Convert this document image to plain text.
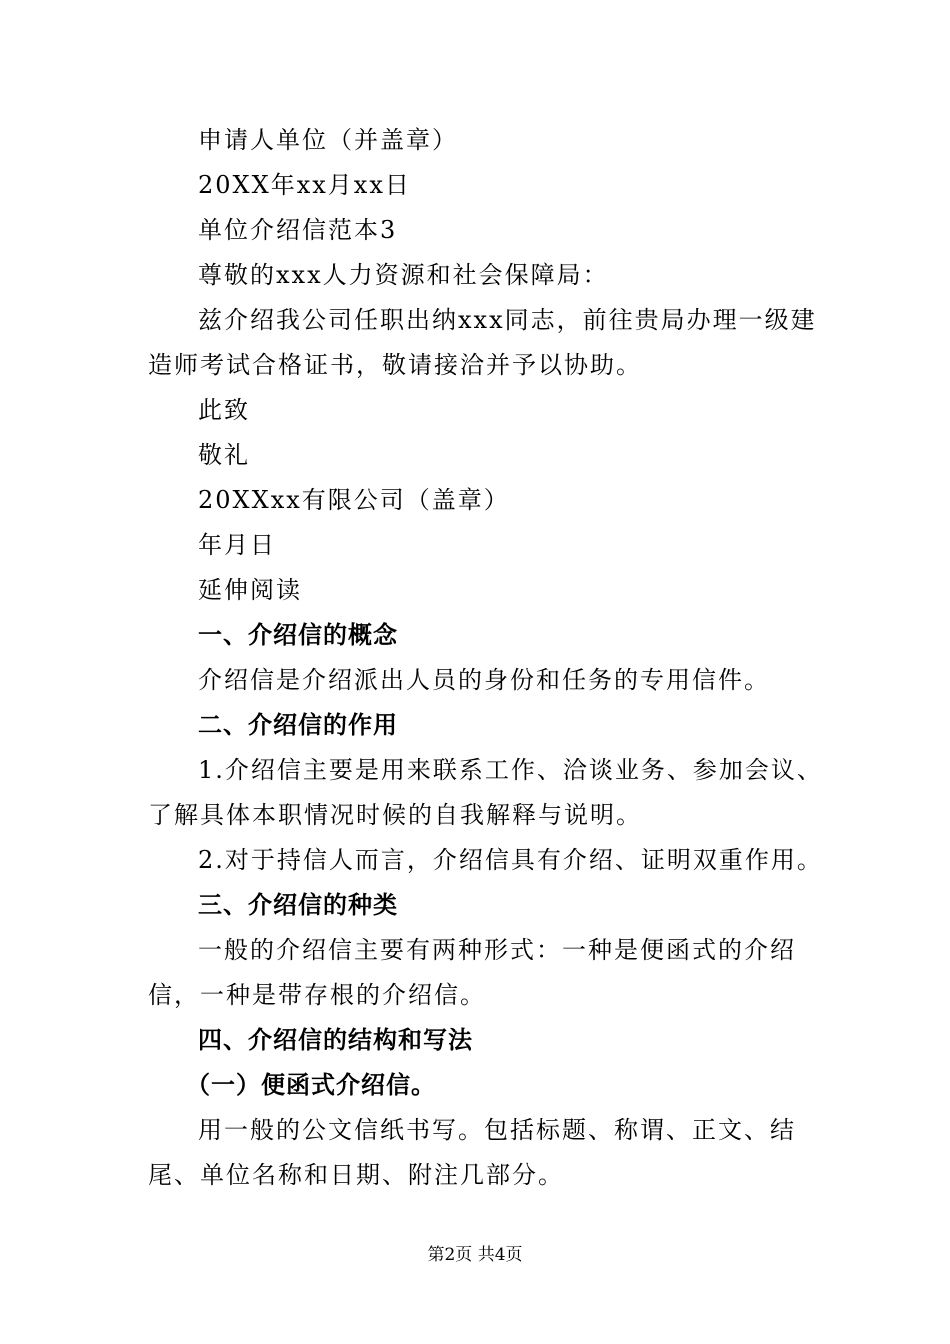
申请人单位（并盖章）

20XX年xx月xx日

单位介绍信范本3

尊敬的xxx人力资源和社会保障局：

兹介绍我公司任职出纳xxx同志，前往贵局办理一级建造师考试合格证书，敬请接洽并予以协助。

此致

敬礼

20XXxx有限公司（盖章）

年月日

延伸阅读

一、介绍信的概念

介绍信是介绍派出人员的身份和任务的专用信件。

二、介绍信的作用

1.介绍信主要是用来联系工作、洽谈业务、参加会议、了解具体本职情况时候的自我解释与说明。

2.对于持信人而言，介绍信具有介绍、证明双重作用。

三、介绍信的种类

一般的介绍信主要有两种形式：一种是便函式的介绍信，一种是带存根的介绍信。

四、介绍信的结构和写法

（一）便函式介绍信。

用一般的公文信纸书写。包括标题、称谓、正文、结尾、单位名称和日期、附注几部分。

第2页 共4页
